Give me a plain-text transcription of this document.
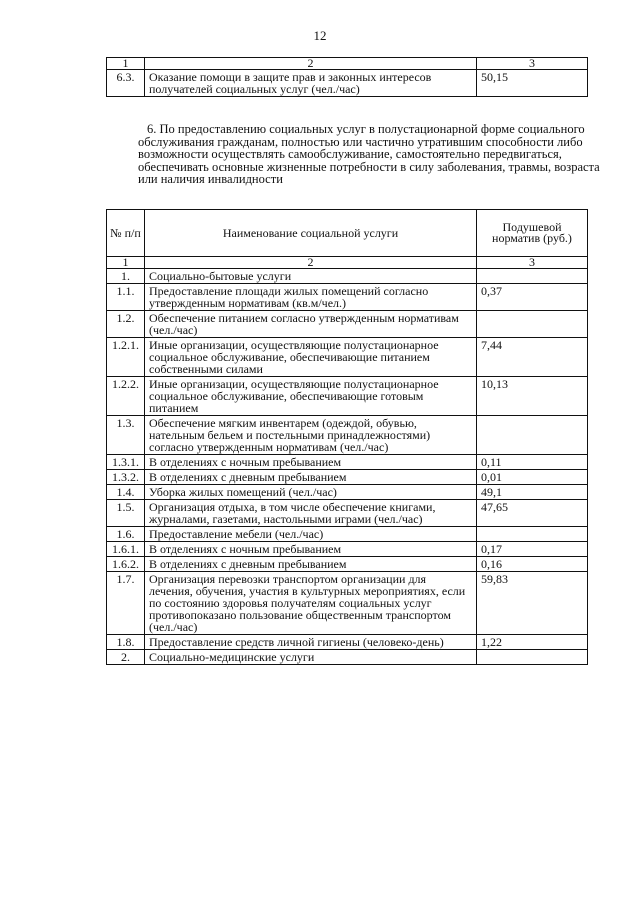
12
1	2	3
6.3.	Оказание помощи в защите прав и законных интересов получателей социальных услуг (чел./час)	50,15
6. По предоставлению социальных услуг в полустационарной форме социального обслуживания гражданам, полностью или частично утратившим способности либо возможности осуществлять самообслуживание, самостоятельно передвигаться, обеспечивать основные жизненные потребности в силу заболевания, травмы, возраста или наличия инвалидности
№ п/п	Наименование социальной услуги	Подушевой норматив (руб.)
1	2	3
1.	Социально-бытовые услуги	
1.1.	Предоставление площади жилых помещений согласно утвержденным нормативам (кв.м/чел.)	0,37
1.2.	Обеспечение питанием согласно утвержденным нормативам (чел./час)	
1.2.1.	Иные организации, осуществляющие полустационарное социальное обслуживание, обеспечивающие питанием собственными силами	7,44
1.2.2.	Иные организации, осуществляющие полустационарное социальное обслуживание, обеспечивающие готовым питанием	10,13
1.3.	Обеспечение мягким инвентарем (одеждой, обувью, нательным бельем и постельными принадлежностями) согласно утвержденным нормативам (чел./час)	
1.3.1.	В отделениях с ночным пребыванием	0,11
1.3.2.	В отделениях с дневным пребыванием	0,01
1.4.	Уборка жилых помещений (чел./час)	49,1
1.5.	Организация отдыха, в том числе обеспечение книгами, журналами, газетами, настольными играми (чел./час)	47,65
1.6.	Предоставление мебели (чел./час)	
1.6.1.	В отделениях с ночным пребыванием	0,17
1.6.2.	В отделениях с дневным пребыванием	0,16
1.7.	Организация перевозки транспортом организации для лечения, обучения, участия в культурных мероприятиях, если по состоянию здоровья получателям социальных услуг противопоказано пользование общественным транспортом (чел./час)	59,83
1.8.	Предоставление средств личной гигиены (человеко-день)	1,22
2.	Социально-медицинские услуги	
